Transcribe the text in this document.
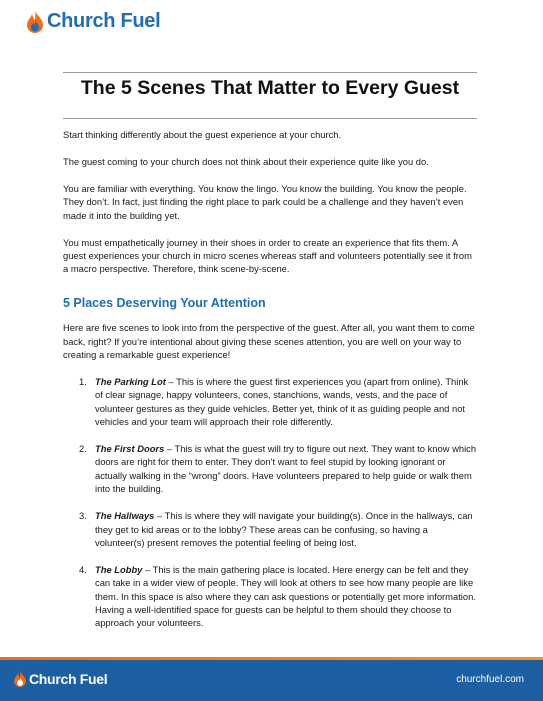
Church Fuel
The 5 Scenes That Matter to Every Guest

Start thinking differently about the guest experience at your church.

The guest coming to your church does not think about their experience quite like you do.

You are familiar with everything. You know the lingo. You know the building. You know the people. They don’t. In fact, just finding the right place to park could be a challenge and they haven’t even made it into the building yet.

You must empathetically journey in their shoes in order to create an experience that fits them. A guest experiences your church in micro scenes whereas staff and volunteers potentially see it from a macro perspective. Therefore, think scene-by-scene.

5 Places Deserving Your Attention

Here are five scenes to look into from the perspective of the guest. After all, you want them to come back, right? If you’re intentional about giving these scenes attention, you are well on your way to creating a remarkable guest experience!

1. The Parking Lot – This is where the guest first experiences you (apart from online). Think of clear signage, happy volunteers, cones, stanchions, wands, vests, and the pace of volunteer gestures as they guide vehicles. Better yet, think of it as guiding people and not vehicles and your team will approach their role differently.
2. The First Doors – This is what the guest will try to figure out next. They want to know which doors are right for them to enter. They don’t want to feel stupid by looking ignorant or actually walking in the “wrong” doors. Have volunteers prepared to help guide or walk them into the building.
3. The Hallways – This is where they will navigate your building(s). Once in the hallways, can they get to kid areas or to the lobby? These areas can be confusing, so having a volunteer(s) present removes the potential feeling of being lost.
4. The Lobby – This is the main gathering place is located. Here energy can be felt and they can take in a wider view of people. They will look at others to see how many people are like them. In this space is also where they can ask questions or potentially get more information. Having a well-identified space for guests can be helpful to them should they choose to approach your volunteers.
Church Fuel	churchfuel.com
